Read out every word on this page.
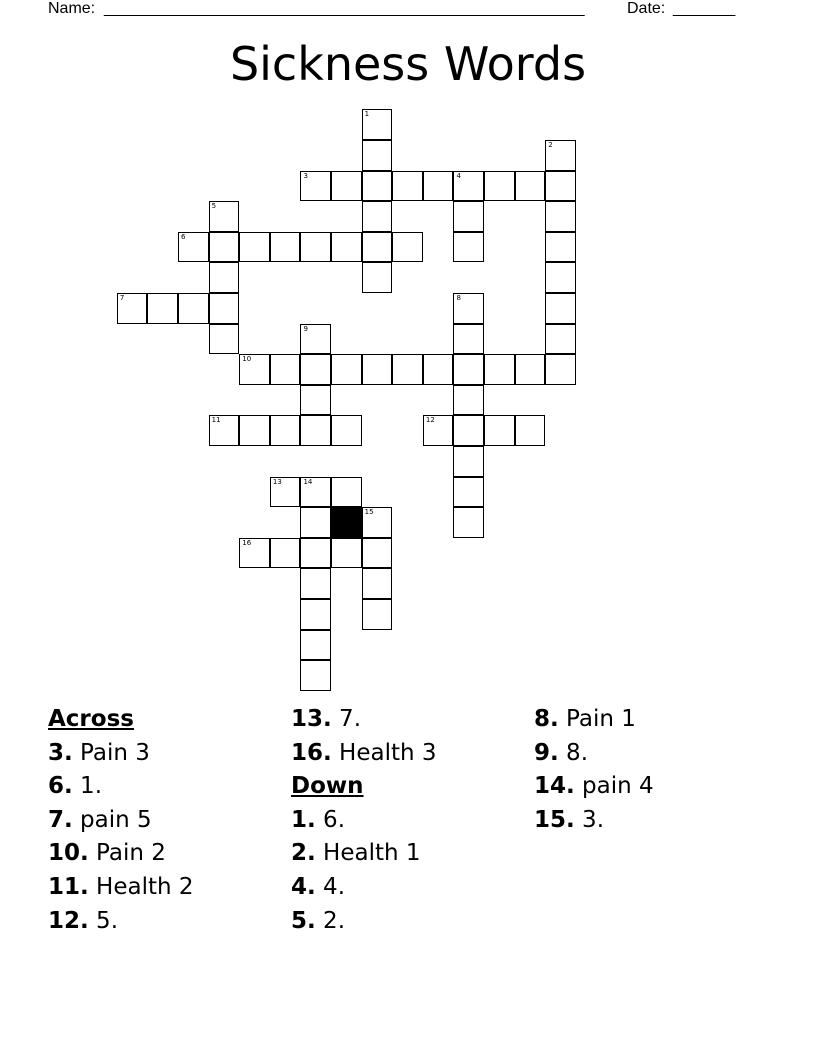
Name: ______________________________________________________	Date: _______
Sickness Words
1
2
3	4
5
6
7	8
9
10
11	12
13	14
15
16
Across
3. Pain 3
6. 1.
7. pain 5
10. Pain 2
11. Health 2
12. 5.
13. 7.
16. Health 3
Down
1. 6.
2. Health 1
4. 4.
5. 2.
8. Pain 1
9. 8.
14. pain 4
15. 3.
